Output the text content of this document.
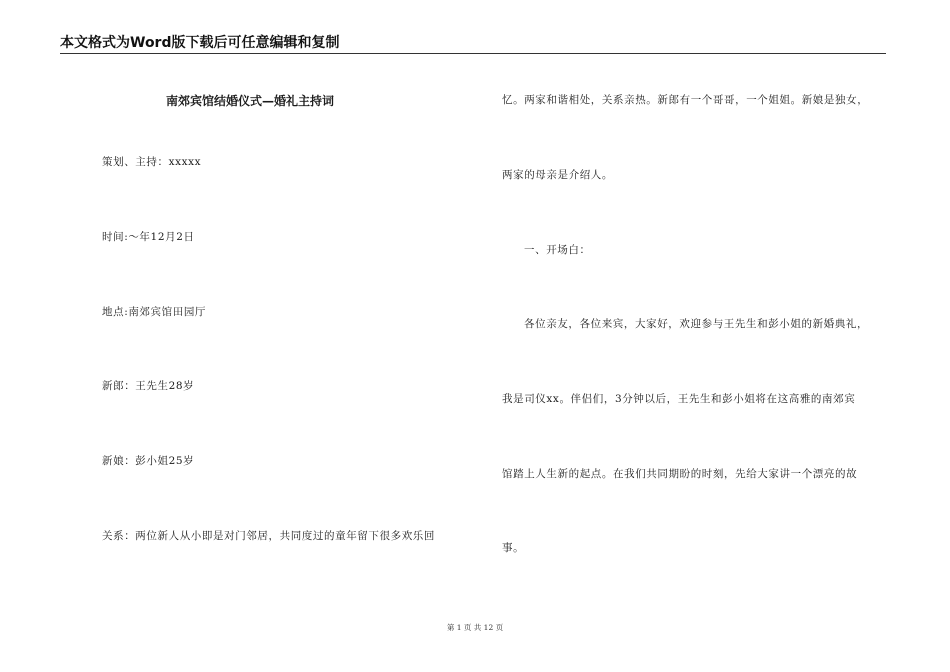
本文格式为Word版下载后可任意编辑和复制
南郊宾馆结婚仪式—婚礼主持词
策划、主持：xxxxx
时间:～年12月2日
地点:南郊宾馆田园厅
新郎：王先生28岁
新娘：彭小姐25岁
关系：两位新人从小即是对门邻居，共同度过的童年留下很多欢乐回
忆。两家和谐相处，关系亲热。新郎有一个哥哥，一个姐姐。新娘是独女，
两家的母亲是介绍人。
一、开场白：
各位亲友，各位来宾，大家好，欢迎参与王先生和彭小姐的新婚典礼，
我是司仪xx。伴侣们，3分钟以后，王先生和彭小姐将在这高雅的南郊宾
馆踏上人生新的起点。在我们共同期盼的时刻，先给大家讲一个漂亮的故
事。
第 1 页 共 12 页
